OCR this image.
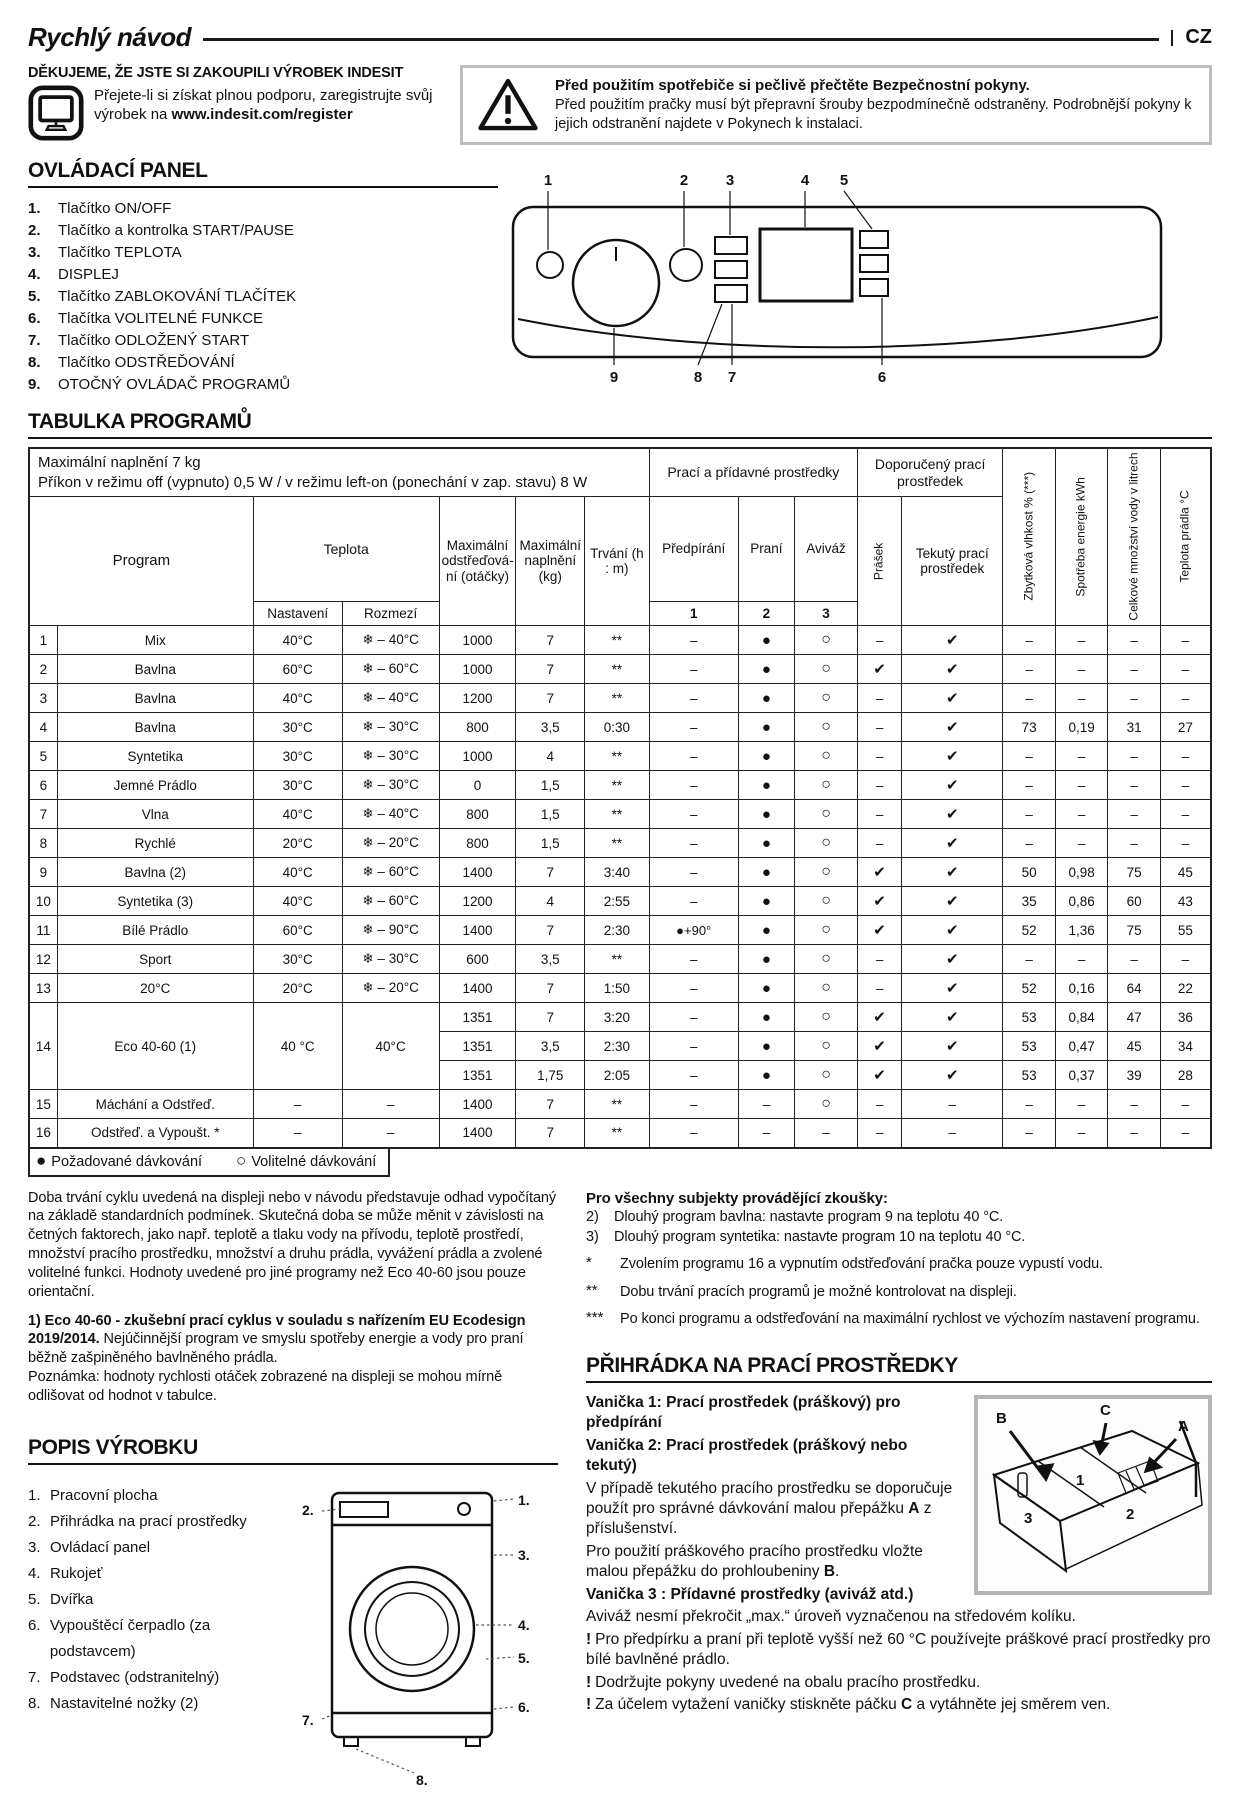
Rychlý návod	CZ
DĚKUJEME, ŽE JSTE SI ZAKOUPILI VÝROBEK INDESIT
Přejete-li si získat plnou podporu, zaregistrujte svůj výrobek na www.indesit.com/register
Před použitím spotřebiče si pečlivě přečtěte Bezpečnostní pokyny.
Před použitím pračky musí být přepravní šrouby bezpodmínečně odstraněny. Podrobnější pokyny k jejich odstranění najdete v Pokynech k instalaci.
OVLÁDACÍ PANEL
1.	Tlačítko ON/OFF
2.	Tlačítko a kontrolka START/PAUSE
3.	Tlačítko TEPLOTA
4.	DISPLEJ
5.	Tlačítko ZABLOKOVÁNÍ TLAČÍTEK
6.	Tlačítka VOLITELNÉ FUNKCE
7.	Tlačítko ODLOŽENÝ START
8.	Tlačítko ODSTŘEĎOVÁNÍ
9.	OTOČNÝ OVLÁDAČ PROGRAMŮ
1	2	3	4 5
9	8 7	6
TABULKA PROGRAMŮ
Maximální naplnění 7 kg
Příkon v režimu off (vypnuto) 0,5 W / v režimu left-on (ponechání v zap. stavu) 8 W							Prací a přídavné prostředky			Doporučený prací prostředek		Zbytková vlhkost % (***)	Spotřeba energie kWh	Celkové množství vody v litrech	Teplota prádla °C
Program		Teplota		Maximální odstřeďování (otáčky)	Maximální naplnění (kg)	Trvání (h : m)	Předpírání	Praní	Aviváž	Prášek	Tekutý prací prostředek				
		Nastavení	Rozmezí				1	2	3						
1	Mix	40°C	❄ – 40°C	1000	7	**	–	●	○	–	✔	–	–	–	–
2	Bavlna	60°C	❄ – 60°C	1000	7	**	–	●	○	✔	✔	–	–	–	–
3	Bavlna	40°C	❄ – 40°C	1200	7	**	–	●	○	–	✔	–	–	–	–
4	Bavlna	30°C	❄ – 30°C	800	3,5	0:30	–	●	○	–	✔	73	0,19	31	27
5	Syntetika	30°C	❄ – 30°C	1000	4	**	–	●	○	–	✔	–	–	–	–
6	Jemné Prádlo	30°C	❄ – 30°C	0	1,5	**	–	●	○	–	✔	–	–	–	–
7	Vlna	40°C	❄ – 40°C	800	1,5	**	–	●	○	–	✔	–	–	–	–
8	Rychlé	20°C	❄ – 20°C	800	1,5	**	–	●	○	–	✔	–	–	–	–
9	Bavlna (2)	40°C	❄ – 60°C	1400	7	3:40	–	●	○	✔	✔	50	0,98	75	45
10	Syntetika (3)	40°C	❄ – 60°C	1200	4	2:55	–	●	○	✔	✔	35	0,86	60	43
11	Bílé Prádlo	60°C	❄ – 90°C	1400	7	2:30	●+90°	●	○	✔	✔	52	1,36	75	55
12	Sport	30°C	❄ – 30°C	600	3,5	**	–	●	○	–	✔	–	–	–	–
13	20°C	20°C	❄ – 20°C	1400	7	1:50	–	●	○	–	✔	52	0,16	64	22
14	Eco 40-60 (1)	40 °C	40°C	1351	7	3:20	–	●	○	✔	✔	53	0,84	47	36
				1351	3,5	2:30	–	●	○	✔	✔	53	0,47	45	34
				1351	1,75	2:05	–	●	○	✔	✔	53	0,37	39	28
15	Máchání a Odstřeď.	–	–	1400	7	**	–	–	○	–	–	–	–	–	–
16	Odstřeď. a Vypoušt. *	–	–	1400	7	**	–	–	–	–	–	–	–	–	–
● Požadované dávkování ○ Volitelné dávkování

Doba trvání cyklu uvedená na displeji nebo v návodu představuje odhad vypočítaný na základě standardních podmínek. Skutečná doba se může měnit v závislosti na četných faktorech, jako např. teplotě a tlaku vody na přívodu, teplotě prostředí, množství pracího prostředku, množství a druhu prádla, vyvážení prádla a zvolené volitelné funkci. Hodnoty uvedené pro jiné programy než Eco 40-60 jsou pouze orientační.

1) Eco 40-60 - zkušební prací cyklus v souladu s nařízením EU Ecodesign 2019/2014. Nejúčinnější program ve smyslu spotřeby energie a vody pro praní běžně zašpiněného bavlněného prádla.
Poznámka: hodnoty rychlosti otáček zobrazené na displeji se mohou mírně odlišovat od hodnot v tabulce.

POPIS VÝROBKU
1. Pracovní plocha
2. Přihrádka na prací prostředky
3. Ovládací panel
4. Rukojeť
5. Dvířka
6. Vypouštěcí čerpadlo (za podstavcem)
7. Podstavec (odstranitelný)
8. Nastavitelné nožky (2)
1.
2.
3.
4.
5.
6.
7.
8.
Pro všechny subjekty provádějící zkoušky:
2)	Dlouhý program bavlna: nastavte program 9 na teplotu 40 °C.
3)	Dlouhý program syntetika: nastavte program 10 na teplotu 40 °C.
*	Zvolením programu 16 a vypnutím odstřeďování pračka pouze vypustí vodu.
**	Dobu trvání pracích programů je možné kontrolovat na displeji.
***	Po konci programu a odstřeďování na maximální rychlost ve výchozím nastavení programu.
PŘIHRÁDKA NA PRACÍ PROSTŘEDKY
B	C
A
1
2
3

Vanička 1: Prací prostředek (práškový) pro předpírání

Vanička 2: Prací prostředek (práškový nebo tekutý)

V případě tekutého pracího prostředku se doporučuje použít pro správné dávkování malou přepážku A z příslušenství.

Pro použití práškového pracího prostředku vložte malou přepážku do prohloubeniny B.

Vanička 3 : Přídavné prostředky (aviváž atd.)

Aviváž nesmí překročit „max.“ úroveň vyznačenou na středovém kolíku.

! Pro předpírku a praní při teplotě vyšší než 60 °C používejte práškové prací prostředky pro bílé bavlněné prádlo.

! Dodržujte pokyny uvedené na obalu pracího prostředku.

! Za účelem vytažení vaničky stiskněte páčku C a vytáhněte jej směrem ven.
